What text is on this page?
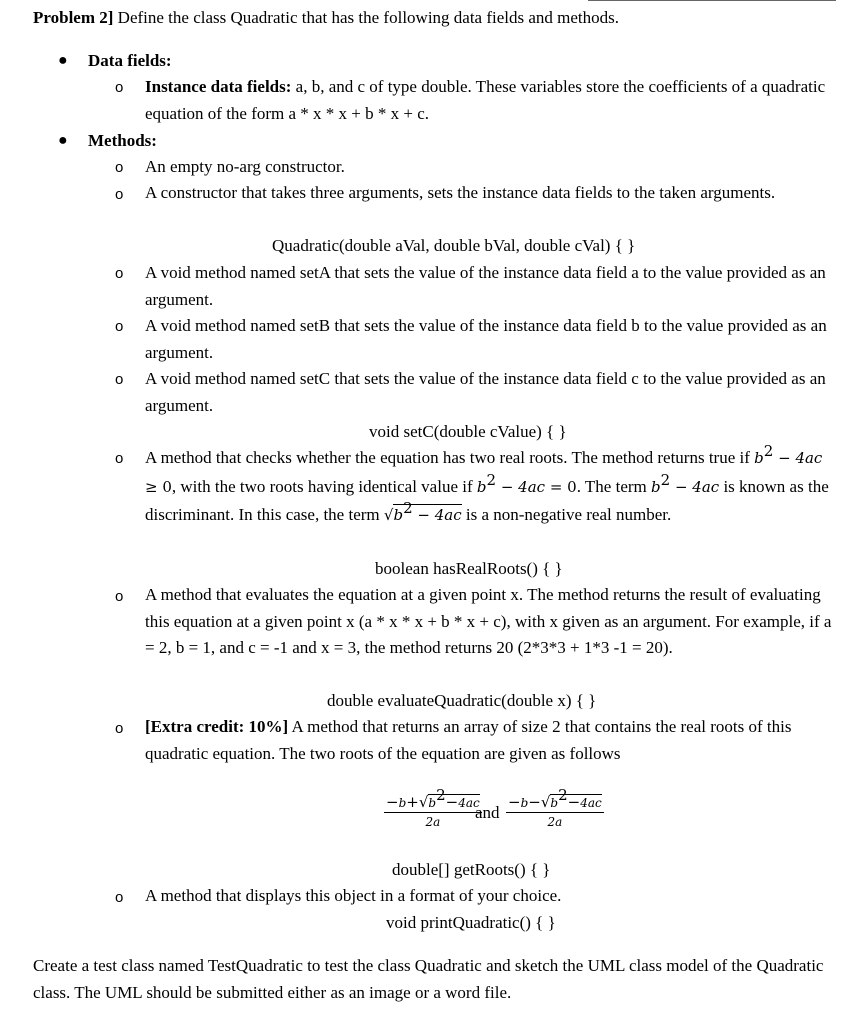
Problem 2] Define the class Quadratic that has the following data fields and methods.
● Data fields:
o Instance data fields: a, b, and c of type double. These variables store the coefficients of a quadratic equation of the form a * x * x + b * x + c.
● Methods:
o An empty no-arg constructor.
o A constructor that takes three arguments, sets the instance data fields to the taken arguments.
Quadratic(double aVal, double bVal, double cVal) { }
o A void method named setA that sets the value of the instance data field a to the value provided as an argument.
o A void method named setB that sets the value of the instance data field b to the value provided as an argument.
o A void method named setC that sets the value of the instance data field c to the value provided as an argument.
void setC(double cValue) { }
o A method that checks whether the equation has two real roots. The method returns true if $b^2 - 4ac \ge 0$, with the two roots having identical value if $b^2 - 4ac = 0$. The term $b^2 - 4ac$ is known as the discriminant. In this case, the term $√b^2 - 4ac$ is a non-negative real number.
boolean hasRealRoots() { }
o A method that evaluates the equation at a given point x. The method returns the result of evaluating this equation at a given point x (a * x * x + b * x + c), with x given as an argument. For example, if a = 2, b = 1, and c = -1 and x = 3, the method returns 20 (2*3*3 + 1*3 -1 = 20).
double evaluateQuadratic(double x) { }
o [Extra credit: 10%] A method that returns an array of size 2 that contains the real roots of this quadratic equation. The two roots of the equation are given as follows
$\frac{-b+√b^2-4ac}{2a}$
and $\frac{-b-√b^2-4ac}{2a}$
double[] getRoots() { }
o A method that displays this object in a format of your choice.
void printQuadratic() { }
Create a test class named TestQuadratic to test the class Quadratic and sketch the UML class model of the Quadratic class. The UML should be submitted either as an image or a word file.
